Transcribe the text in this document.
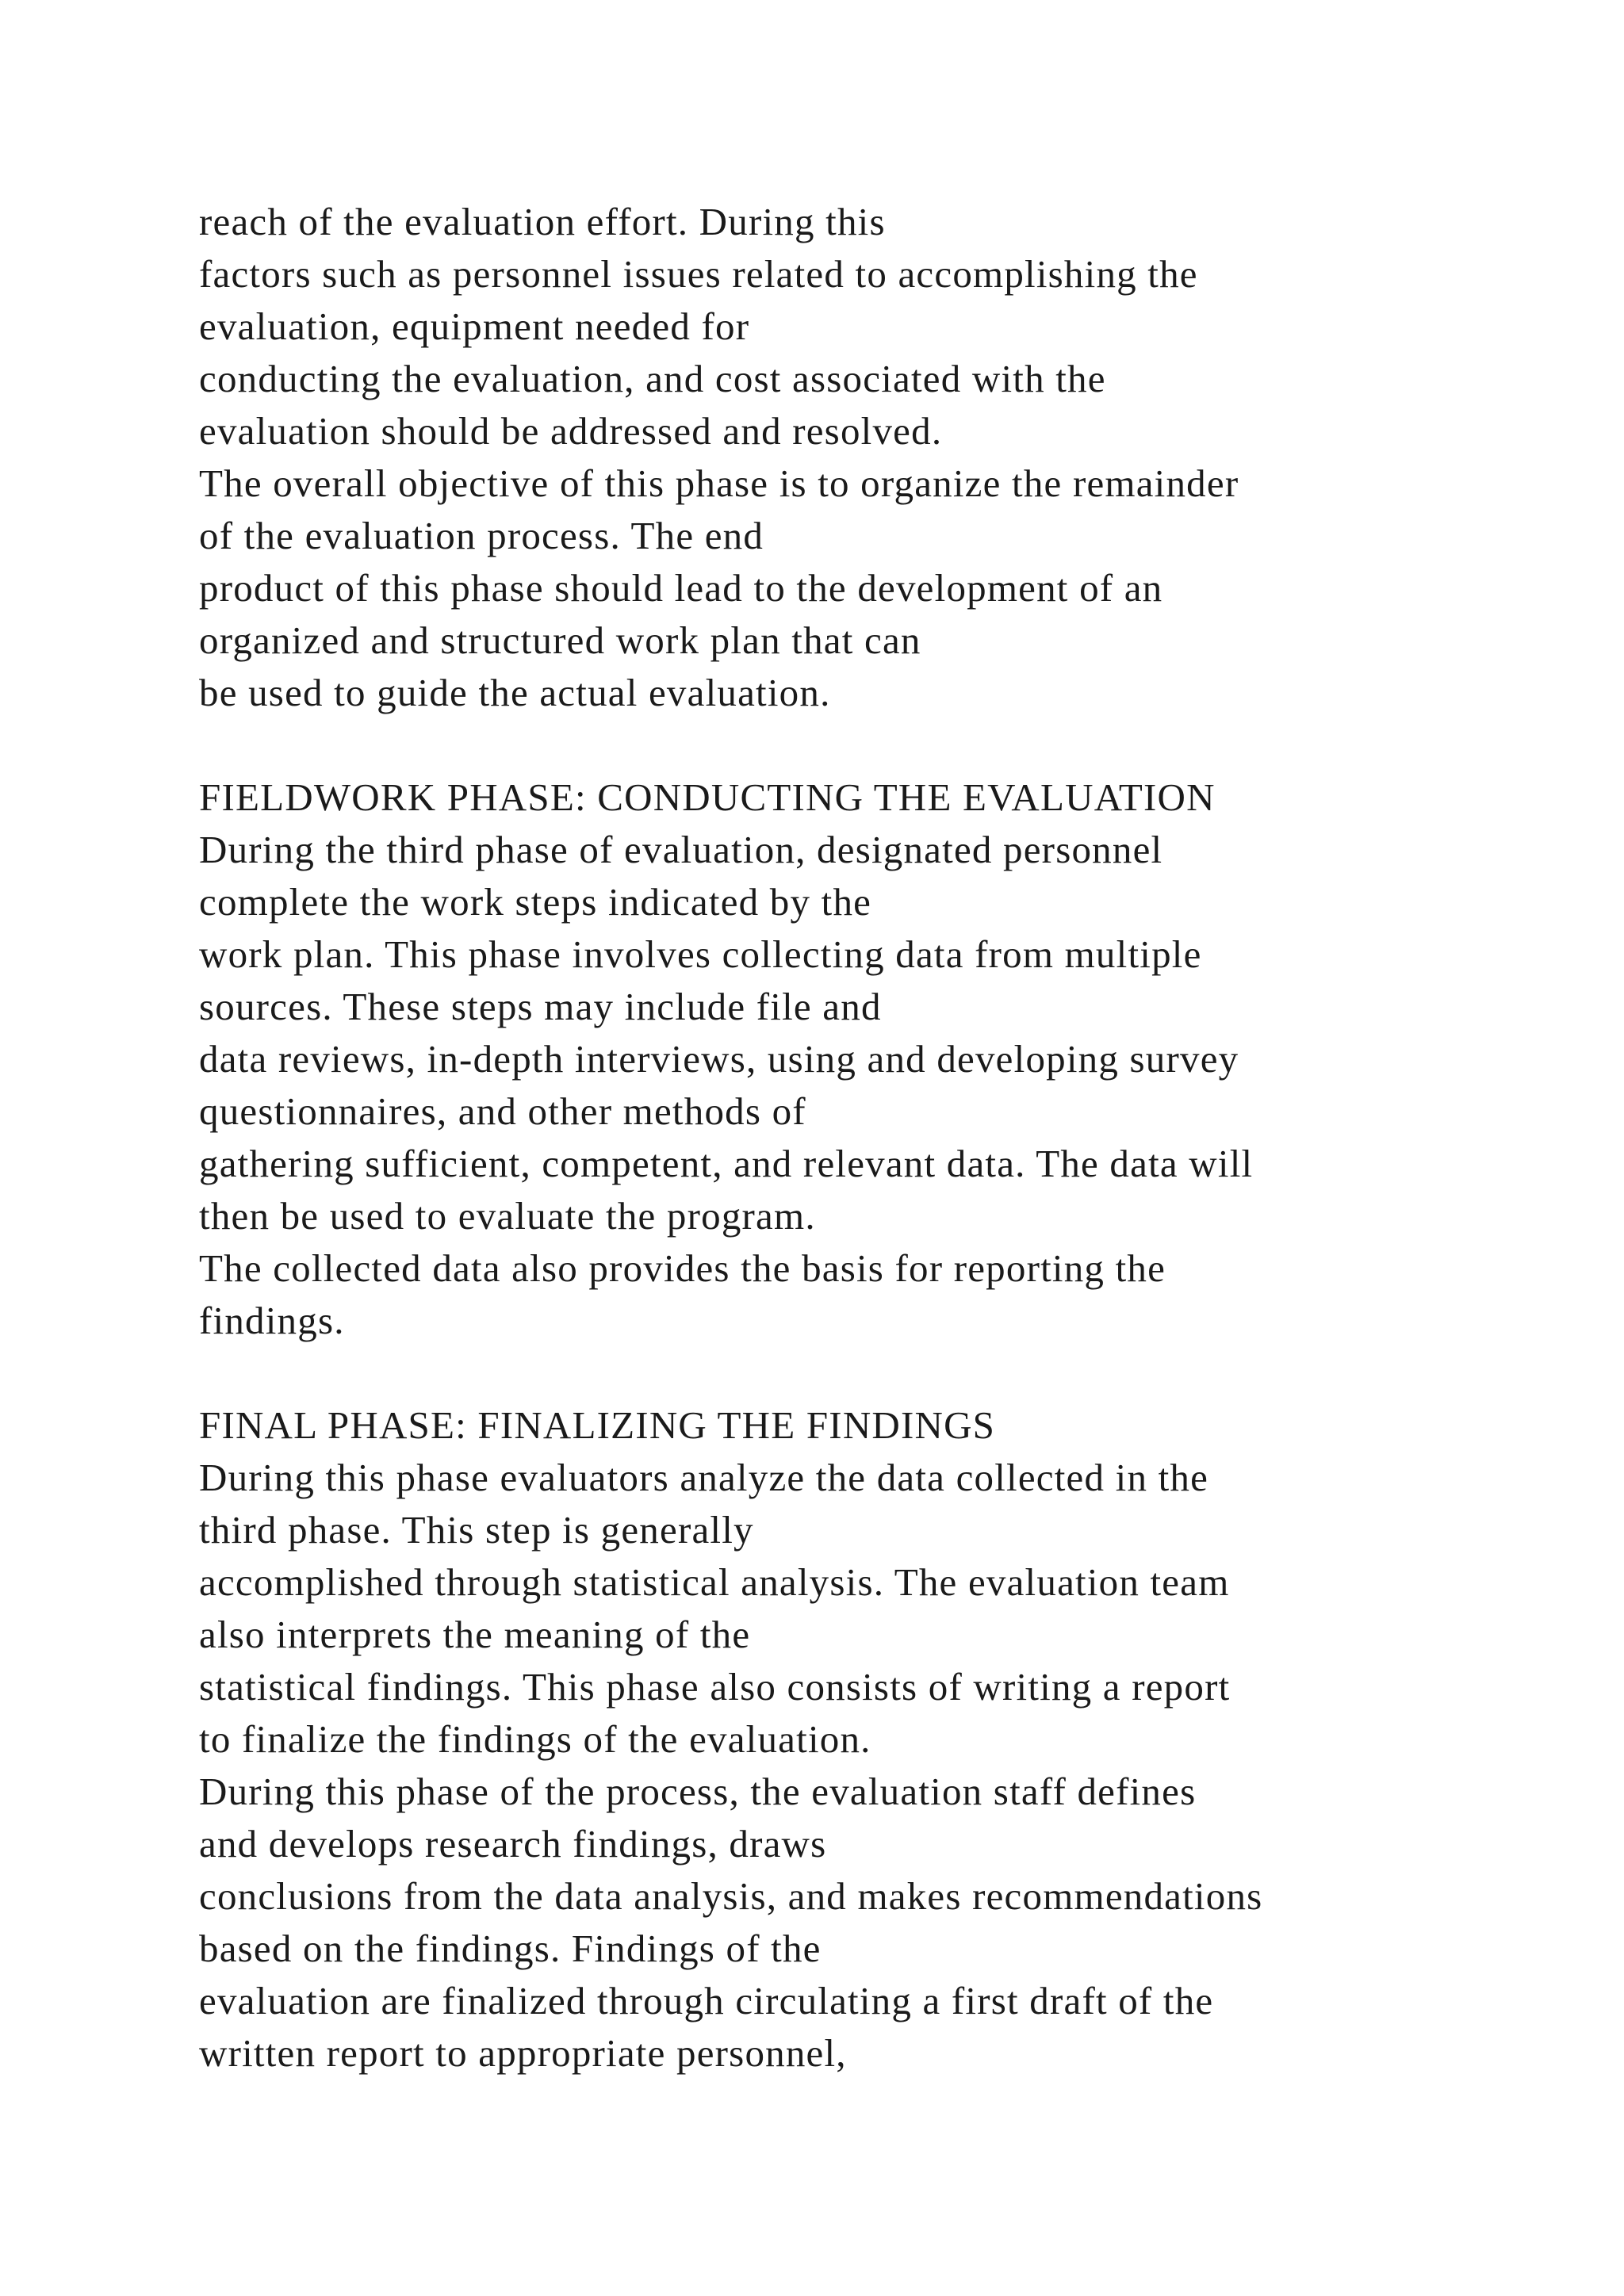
reach of the evaluation effort. During this
factors such as personnel issues related to accomplishing the
evaluation, equipment needed for
conducting the evaluation, and cost associated with the
evaluation should be addressed and resolved.
The overall objective of this phase is to organize the remainder
of the evaluation process. The end
product of this phase should lead to the development of an
organized and structured work plan that can
be used to guide the actual evaluation.
FIELDWORK PHASE: CONDUCTING THE EVALUATION
During the third phase of evaluation, designated personnel
complete the work steps indicated by the
work plan. This phase involves collecting data from multiple
sources. These steps may include file and
data reviews, in-depth interviews, using and developing survey
questionnaires, and other methods of
gathering sufficient, competent, and relevant data. The data will
then be used to evaluate the program.
The collected data also provides the basis for reporting the
findings.
FINAL PHASE: FINALIZING THE FINDINGS
During this phase evaluators analyze the data collected in the
third phase. This step is generally
accomplished through statistical analysis. The evaluation team
also interprets the meaning of the
statistical findings. This phase also consists of writing a report
to finalize the findings of the evaluation.
During this phase of the process, the evaluation staff defines
and develops research findings, draws
conclusions from the data analysis, and makes recommendations
based on the findings. Findings of the
evaluation are finalized through circulating a first draft of the
written report to appropriate personnel,
